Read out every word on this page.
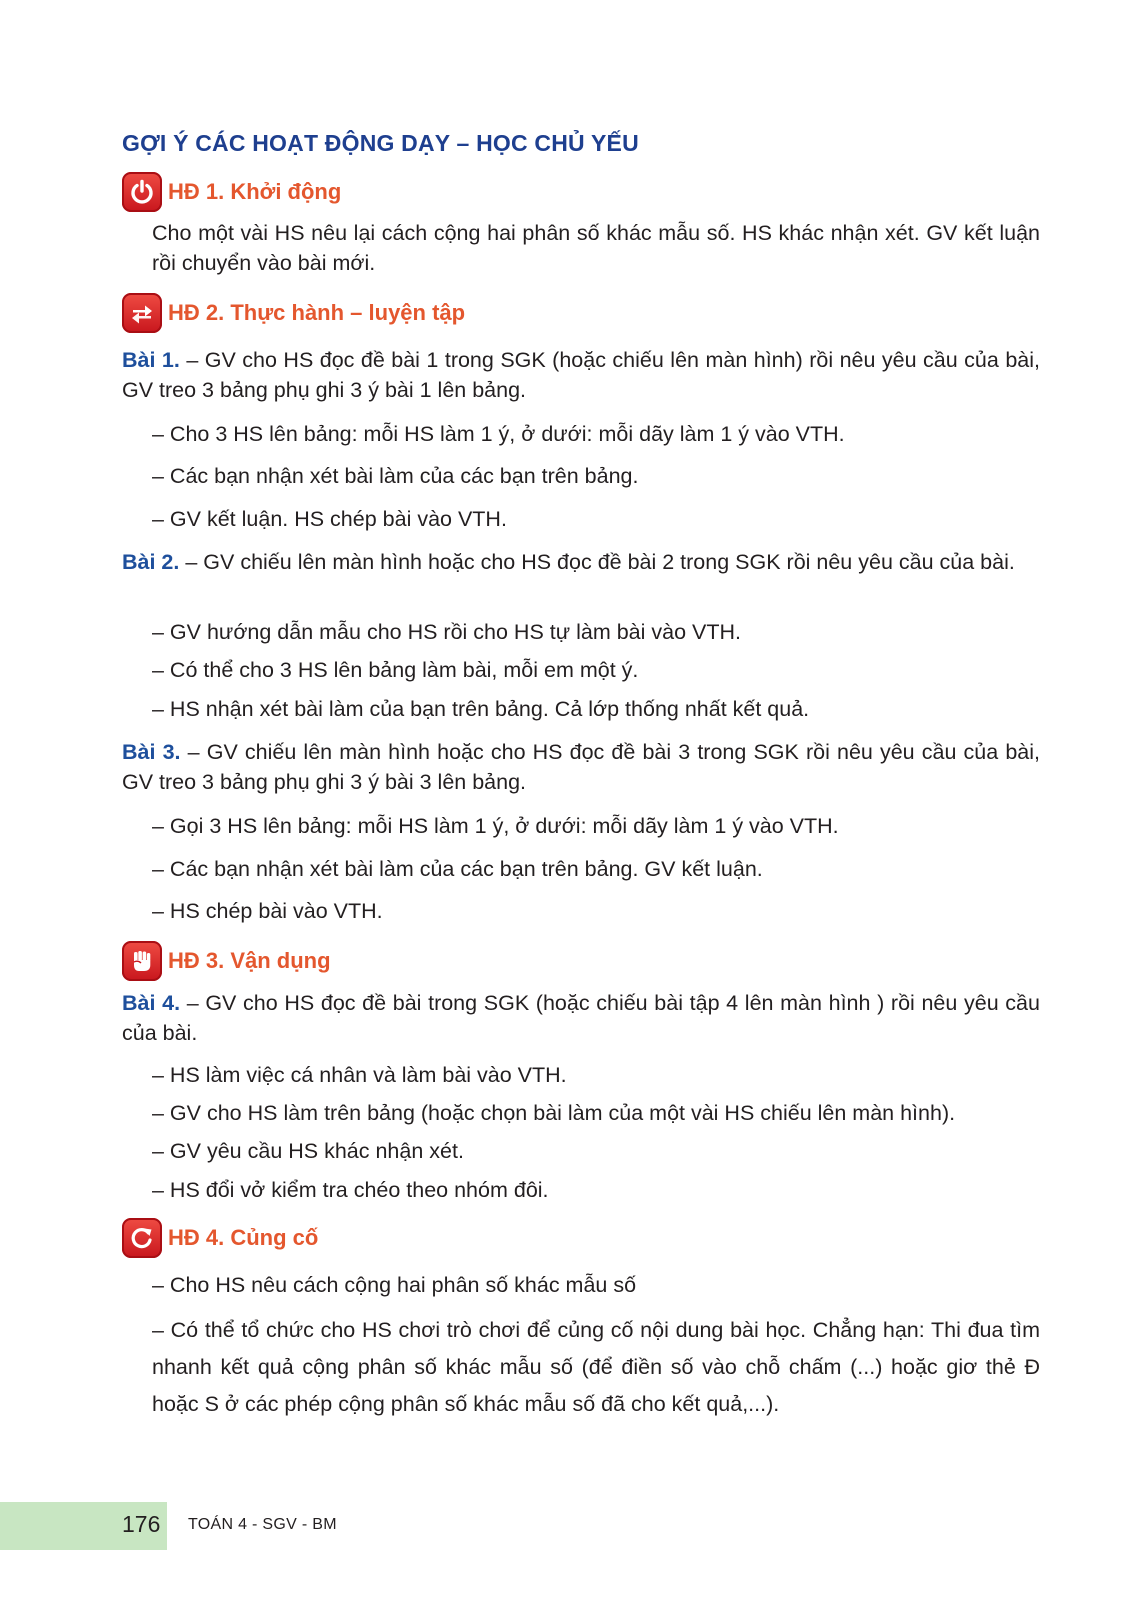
GỢI Ý CÁC HOẠT ĐỘNG DẠY – HỌC CHỦ YẾU
HĐ 1. Khởi động

Cho một vài HS nêu lại cách cộng hai phân số khác mẫu số. HS khác nhận xét. GV kết luận rồi chuyển vào bài mới.

HĐ 2. Thực hành – luyện tập

Bài 1. – GV cho HS đọc đề bài 1 trong SGK (hoặc chiếu lên màn hình) rồi nêu yêu cầu của bài, GV treo 3 bảng phụ ghi 3 ý bài 1 lên bảng.

– Cho 3 HS lên bảng: mỗi HS làm 1 ý, ở dưới: mỗi dãy làm 1 ý vào VTH.

– Các bạn nhận xét bài làm của các bạn trên bảng.

– GV kết luận. HS chép bài vào VTH.

Bài 2. – GV chiếu lên màn hình hoặc cho HS đọc đề bài 2 trong SGK rồi nêu yêu cầu của bài.

– GV hướng dẫn mẫu cho HS rồi cho HS tự làm bài vào VTH.

– Có thể cho 3 HS lên bảng làm bài, mỗi em một ý.

– HS nhận xét bài làm của bạn trên bảng. Cả lớp thống nhất kết quả.

Bài 3. – GV chiếu lên màn hình hoặc cho HS đọc đề bài 3 trong SGK rồi nêu yêu cầu của bài, GV treo 3 bảng phụ ghi 3 ý bài 3 lên bảng.

– Gọi 3 HS lên bảng: mỗi HS làm 1 ý, ở dưới: mỗi dãy làm 1 ý vào VTH.

– Các bạn nhận xét bài làm của các bạn trên bảng. GV kết luận.

– HS chép bài vào VTH.

HĐ 3. Vận dụng

Bài 4. – GV cho HS đọc đề bài trong SGK (hoặc chiếu bài tập 4 lên màn hình ) rồi nêu yêu cầu của bài.

– HS làm việc cá nhân và làm bài vào VTH.

– GV cho HS làm trên bảng (hoặc chọn bài làm của một vài HS chiếu lên màn hình).

– GV yêu cầu HS khác nhận xét.

– HS đổi vở kiểm tra chéo theo nhóm đôi.

HĐ 4. Củng cố

– Cho HS nêu cách cộng hai phân số khác mẫu số

– Có thể tổ chức cho HS chơi trò chơi để củng cố nội dung bài học. Chẳng hạn: Thi đua tìm nhanh kết quả cộng phân số khác mẫu số (để điền số vào chỗ chấm (...) hoặc giơ thẻ Đ hoặc S ở các phép cộng phân số khác mẫu số đã cho kết quả,...).

176 TOÁN 4 - SGV - BM
